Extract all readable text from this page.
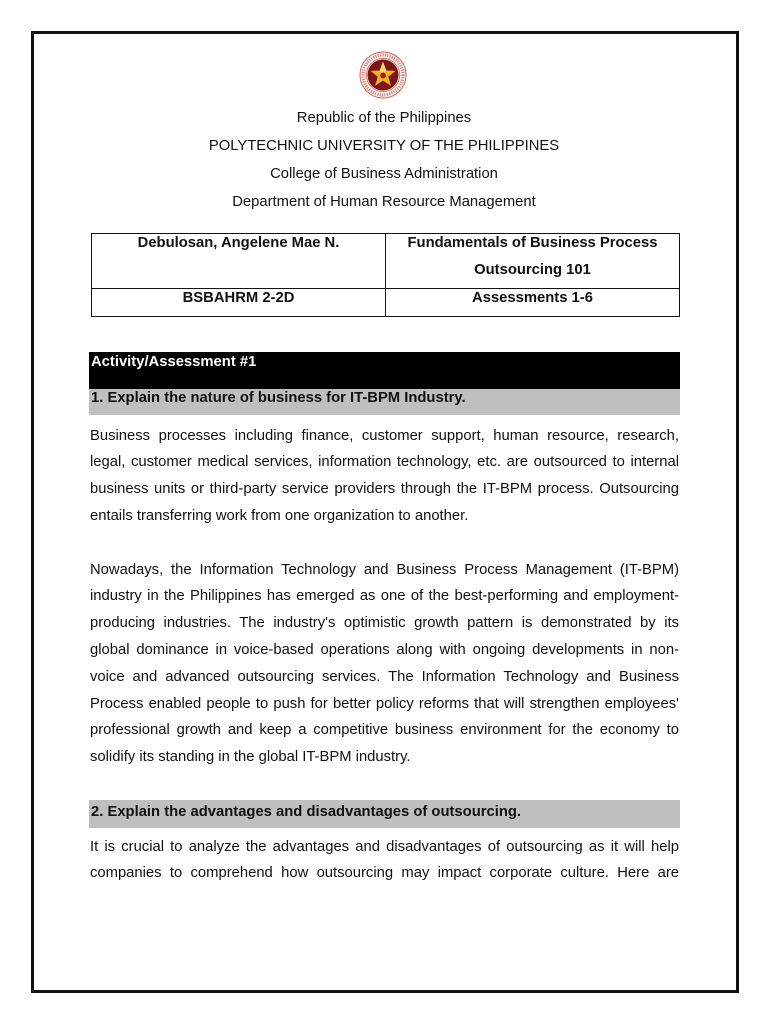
Republic of the Philippines
POLYTECHNIC UNIVERSITY OF THE PHILIPPINES
College of Business Administration
Department of Human Resource Management
Debulosan, Angelene Mae N.	Fundamentals of Business Process Outsourcing 101
BSBAHRM 2-2D	Assessments 1-6
Activity/Assessment #1
1. Explain the nature of business for IT-BPM Industry.
Business processes including finance, customer support, human resource, research,
legal, customer medical services, information technology, etc. are outsourced to internal
business units or third-party service providers through the IT-BPM process. Outsourcing
entails transferring work from one organization to another.
Nowadays, the Information Technology and Business Process Management (IT-BPM)
industry in the Philippines has emerged as one of the best-performing and employment-
producing industries. The industry's optimistic growth pattern is demonstrated by its
global dominance in voice-based operations along with ongoing developments in non-
voice and advanced outsourcing services. The Information Technology and Business
Process enabled people to push for better policy reforms that will strengthen employees'
professional growth and keep a competitive business environment for the economy to
solidify its standing in the global IT-BPM industry.
2. Explain the advantages and disadvantages of outsourcing.
It is crucial to analyze the advantages and disadvantages of outsourcing as it will help
companies to comprehend how outsourcing may impact corporate culture. Here are
